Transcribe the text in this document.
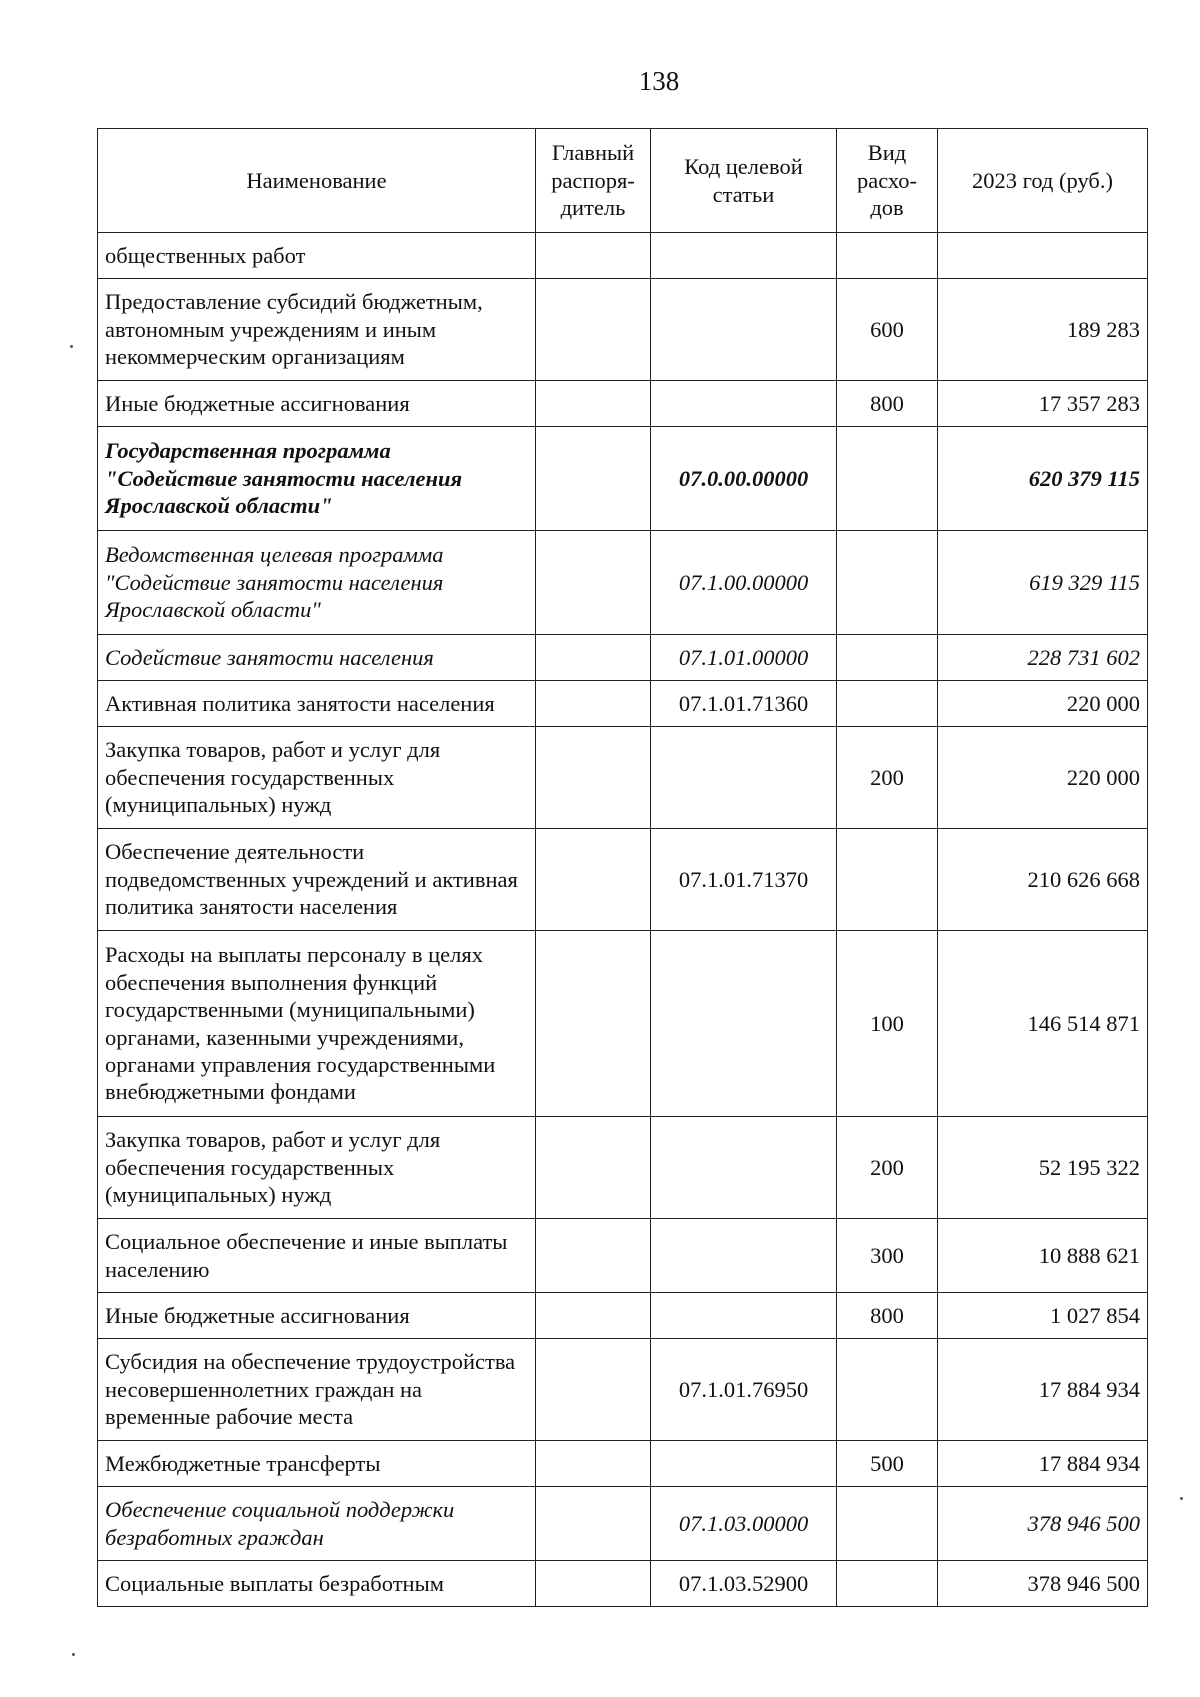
138
Наименование	Главный распоря-дитель	Код целевой статьи	Вид расхо-дов	2023 год (руб.)
общественных работ				
Предоставление субсидий бюджетным, автономным учреждениям и иным некоммерческим организациям			600	189 283
Иные бюджетные ассигнования			800	17 357 283
Государственная программа "Содействие занятости населения Ярославской области"		07.0.00.00000		620 379 115
Ведомственная целевая программа "Содействие занятости населения Ярославской области"		07.1.00.00000		619 329 115
Содействие занятости населения		07.1.01.00000		228 731 602
Активная политика занятости населения		07.1.01.71360		220 000
Закупка товаров, работ и услуг для обеспечения государственных (муниципальных) нужд			200	220 000
Обеспечение деятельности подведомственных учреждений и активная политика занятости населения		07.1.01.71370		210 626 668
Расходы на выплаты персоналу в целях обеспечения выполнения функций государственными (муниципальными) органами, казенными учреждениями, органами управления государственными внебюджетными фондами			100	146 514 871
Закупка товаров, работ и услуг для обеспечения государственных (муниципальных) нужд			200	52 195 322
Социальное обеспечение и иные выплаты населению			300	10 888 621
Иные бюджетные ассигнования			800	1 027 854
Субсидия на обеспечение трудоустройства несовершеннолетних граждан на временные рабочие места		07.1.01.76950		17 884 934
Межбюджетные трансферты			500	17 884 934
Обеспечение социальной поддержки безработных граждан		07.1.03.00000		378 946 500
Социальные выплаты безработным		07.1.03.52900		378 946 500
